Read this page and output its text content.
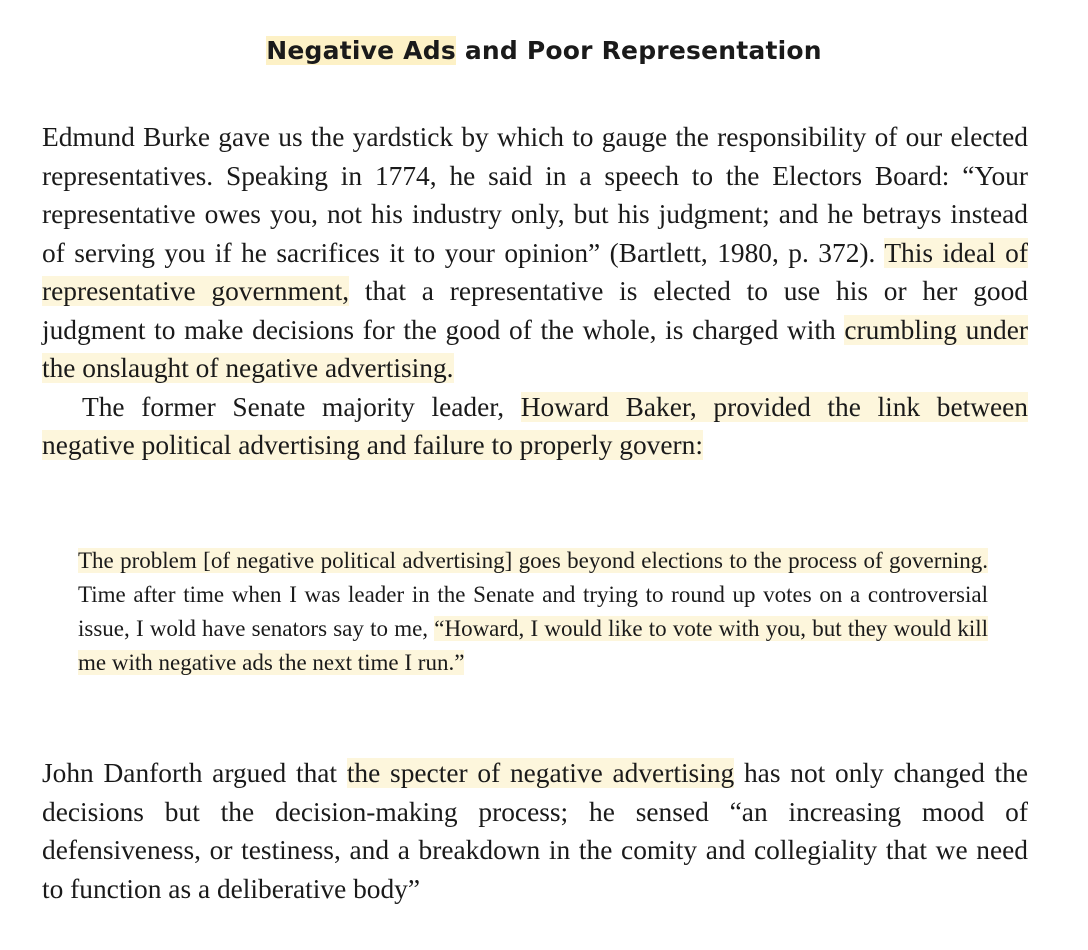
Negative Ads and Poor Representation

Edmund Burke gave us the yardstick by which to gauge the responsibility of our elected representatives. Speaking in 1774, he said in a speech to the Electors Board: “Your representative owes you, not his industry only, but his judgment; and he betrays instead of serving you if he sacrifices it to your opinion” (Bartlett, 1980, p. 372). This ideal of representative government, that a representative is elected to use his or her good judgment to make decisions for the good of the whole, is charged with crumbling under the onslaught of negative advertising.

The former Senate majority leader, Howard Baker, provided the link between negative political advertising and failure to properly govern:

The problem [of negative political advertising] goes beyond elections to the process of governing. Time after time when I was leader in the Senate and trying to round up votes on a controversial issue, I wold have senators say to me, “Howard, I would like to vote with you, but they would kill me with negative ads the next time I run.”

John Danforth argued that the specter of negative advertising has not only changed the decisions but the decision-making process; he sensed “an increasing mood of defensiveness, or testiness, and a breakdown in the comity and collegiality that we need to function as a deliberative body”
